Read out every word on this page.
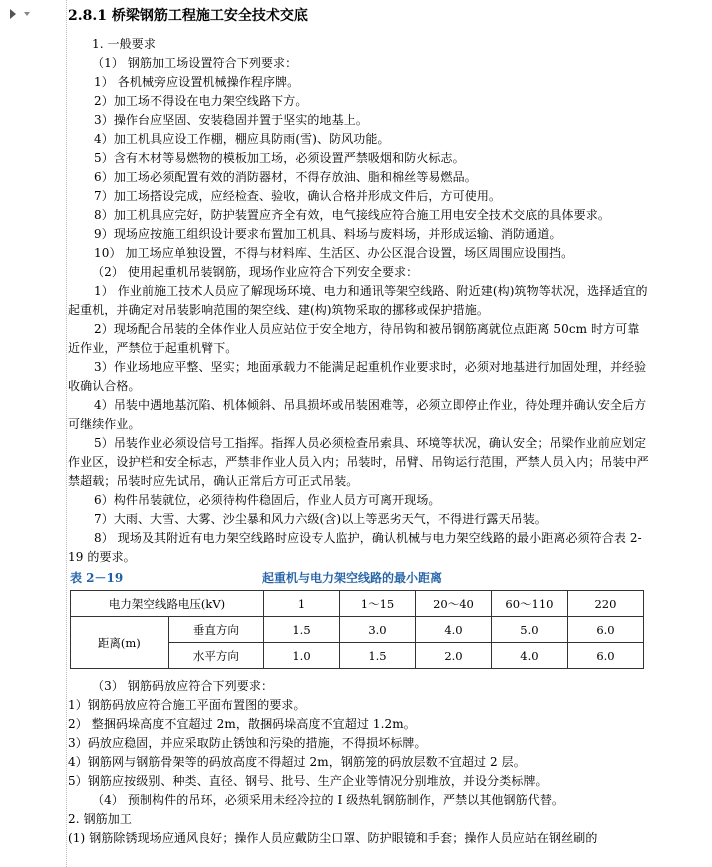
2.8.1 桥梁钢筋工程施工安全技术交底

1. 一般要求

（1） 钢筋加工场设置符合下列要求：

1） 各机械旁应设置机械操作程序牌。

2）加工场不得设在电力架空线路下方。

3）操作台应坚固、安装稳固并置于坚实的地基上。

4）加工机具应设工作棚，棚应具防雨(雪)、防风功能。

5）含有木材等易燃物的模板加工场，必须设置严禁吸烟和防火标志。

6）加工场必须配置有效的消防器材，不得存放油、脂和棉丝等易燃品。

7）加工场搭设完成，应经检查、验收，确认合格并形成文件后，方可使用。

8）加工机具应完好，防护装置应齐全有效，电气接线应符合施工用电安全技术交底的具体要求。

9）现场应按施工组织设计要求布置加工机具、料场与废料场，并形成运输、消防通道。

10） 加工场应单独设置，不得与材料库、生活区、办公区混合设置，场区周围应设围挡。

（2） 使用起重机吊装钢筋，现场作业应符合下列安全要求：

1） 作业前施工技术人员应了解现场环境、电力和通讯等架空线路、附近建(构)筑物等状况，选择适宜的起重机，并确定对吊装影响范围的架空线、建(构)筑物采取的挪移或保护措施。

2）现场配合吊装的全体作业人员应站位于安全地方，待吊钩和被吊钢筋离就位点距离 50cm 时方可靠近作业，严禁位于起重机臂下。

3）作业场地应平整、坚实；地面承载力不能满足起重机作业要求时，必须对地基进行加固处理，并经验收确认合格。

4）吊装中遇地基沉陷、机体倾斜、吊具损坏或吊装困难等，必须立即停止作业，待处理并确认安全后方可继续作业。

5）吊装作业必须设信号工指挥。指挥人员必须检查吊索具、环境等状况，确认安全；吊梁作业前应划定作业区，设护栏和安全标志，严禁非作业人员入内；吊装时，吊臂、吊钩运行范围，严禁人员入内；吊装中严禁超载；吊装时应先试吊，确认正常后方可正式吊装。

6）构件吊装就位，必须待构件稳固后，作业人员方可离开现场。

7）大雨、大雪、大雾、沙尘暴和风力六级(含)以上等恶劣天气，不得进行露天吊装。

8） 现场及其附近有电力架空线路时应设专人监护，确认机械与电力架空线路的最小距离必须符合表 2-19 的要求。

表 2－19	起重机与电力架空线路的最小距离
电力架空线路电压(kV)		1	1～15	20～40	60～110	220
距离(m)	垂直方向	1.5	3.0	4.0	5.0	6.0
	水平方向	1.0	1.5	2.0	4.0	6.0

（3） 钢筋码放应符合下列要求：

1）钢筋码放应符合施工平面布置图的要求。

2） 整捆码垛高度不宜超过 2m，散捆码垛高度不宜超过 1.2m。

3）码放应稳固，并应采取防止锈蚀和污染的措施，不得损坏标牌。

4）钢筋网与钢筋骨架等的码放高度不得超过 2m，钢筋笼的码放层数不宜超过 2 层。

5）钢筋应按级别、种类、直径、钢号、批号、生产企业等情况分别堆放，并设分类标牌。

（4） 预制构件的吊环，必须采用未经冷拉的 I 级热轧钢筋制作，严禁以其他钢筋代替。

2. 钢筋加工

(1) 钢筋除锈现场应通风良好；操作人员应戴防尘口罩、防护眼镜和手套；操作人员应站在钢丝刷的
